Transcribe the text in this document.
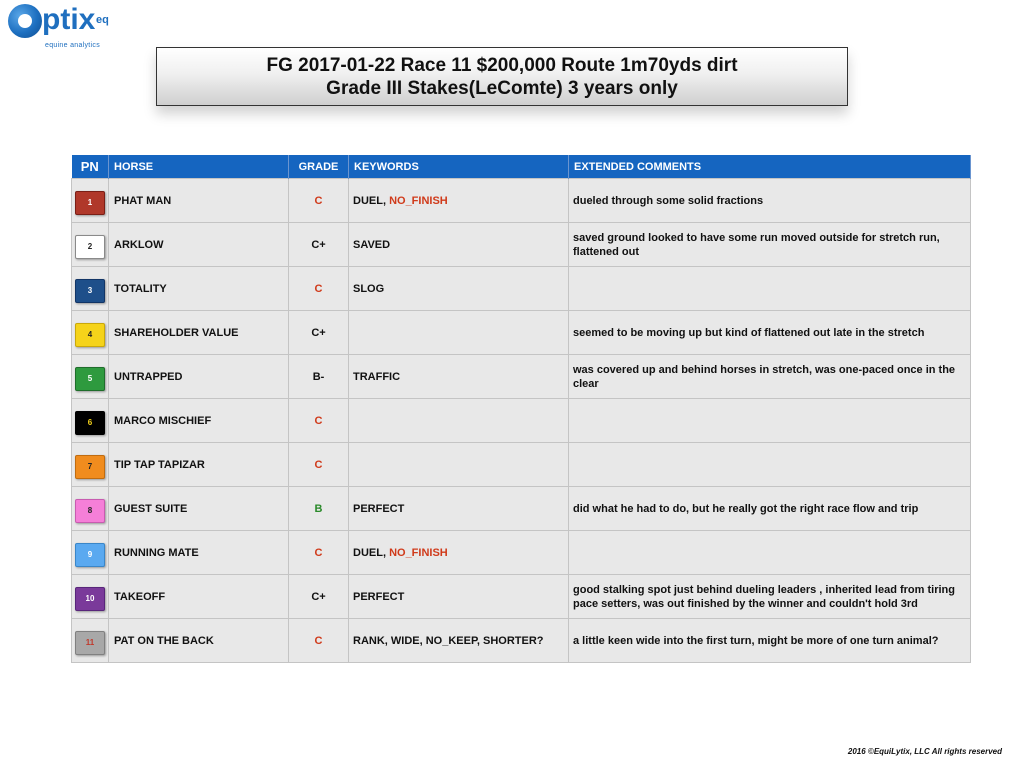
ptix eq
equine analytics
FG 2017-01-22 Race 11 $200,000 Route 1m70yds dirt
Grade III Stakes(LeComte) 3 years only
PN	HORSE	GRADE	KEYWORDS	EXTENDED COMMENTS
1	PHAT MAN	C	DUEL, NO_FINISH	dueled through some solid fractions
2	ARKLOW	C+	SAVED	saved ground looked to have some run moved outside for stretch run, flattened out
3	TOTALITY	C	SLOG	
4	SHAREHOLDER VALUE	C+		seemed to be moving up but kind of flattened out late in the stretch
5	UNTRAPPED	B-	TRAFFIC	was covered up and behind horses in stretch, was one-paced once in the clear
6	MARCO MISCHIEF	C		
7	TIP TAP TAPIZAR	C		
8	GUEST SUITE	B	PERFECT	did what he had to do, but he really got the right race flow and trip
9	RUNNING MATE	C	DUEL, NO_FINISH	
10	TAKEOFF	C+	PERFECT	good stalking spot just behind dueling leaders , inherited lead from tiring pace setters, was out finished by the winner and couldn't hold 3rd
11	PAT ON THE BACK	C	RANK, WIDE, NO_KEEP, SHORTER?	a little keen wide into the first turn, might be more of one turn animal?
2016 ©EquiLytix, LLC All rights reserved
